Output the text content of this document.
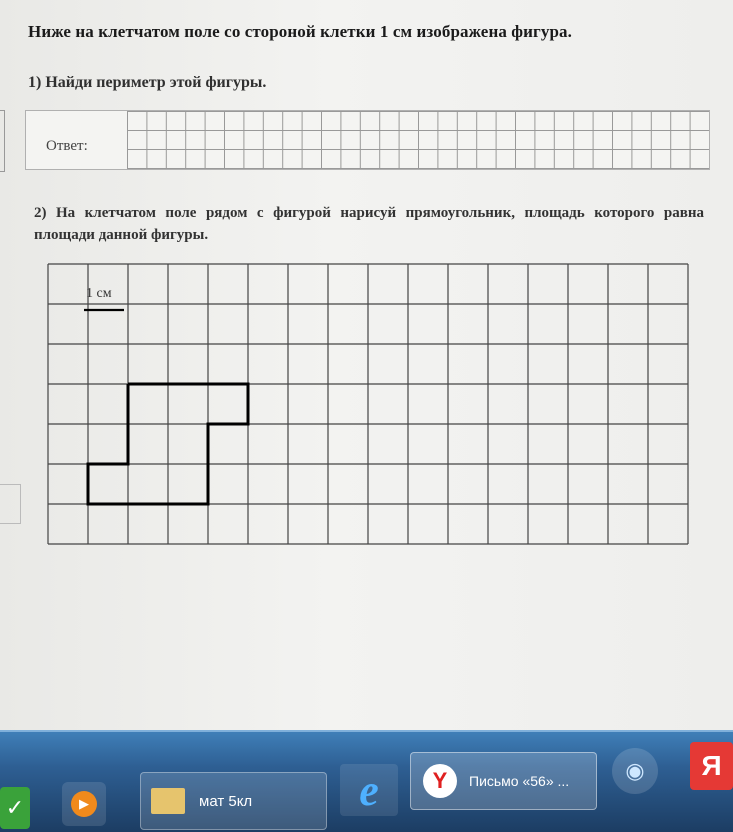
Ниже на клетчатом поле со стороной клетки 1 см изображена фигура.
1) Найди периметр этой фигуры.
Ответ:
2) На клетчатом поле рядом с фигурой нарисуй прямоугольник, площадь которого равна площади данной фигуры.
1 см
✓	▶	мат 5кл e	Y	Письмо «56» ...	◉ Я
